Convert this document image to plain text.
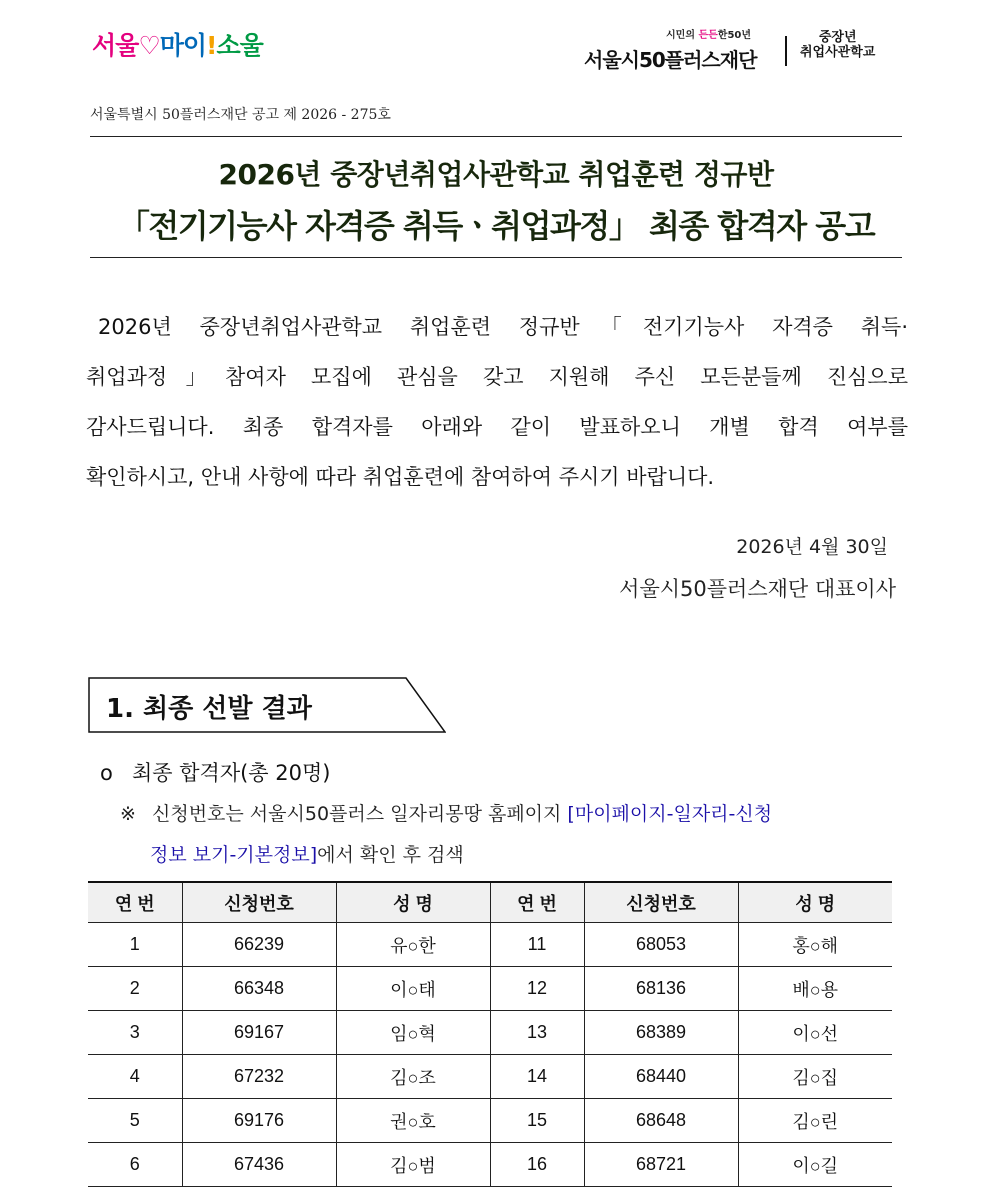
서울♡마이!소울	시민의 든든한50년
서울시50플러스재단
중장년
취업사관학교
서울특별시 50플러스재단 공고 제 2026 - 275호
2026년 중장년취업사관학교 취업훈련 정규반
「전기기능사 자격증 취득ㆍ취업과정」 최종 합격자 공고

2026년 중장년취업사관학교 취업훈련 정규반「전기기능사 자격증 취득·

취업과정」참여자 모집에 관심을 갖고 지원해 주신 모든분들께 진심으로

감사드립니다. 최종 합격자를 아래와 같이 발표하오니 개별 합격 여부를

확인하시고, 안내 사항에 따라 취업훈련에 참여하여 주시기 바랍니다.

2026년 4월 30일
서울시50플러스재단 대표이사
1. 최종 선발 결과
o 최종 합격자(총 20명)
※ 신청번호는 서울시50플러스 일자리몽땅 홈페이지 [마이페이지-일자리-신청
정보 보기-기본정보]에서 확인 후 검색
연 번	신청번호	성 명	연 번	신청번호	성 명
1	66239	유○한	11	68053	홍○해
2	66348	이○태	12	68136	배○용
3	69167	임○혁	13	68389	이○선
4	67232	김○조	14	68440	김○집
5	69176	권○호	15	68648	김○린
6	67436	김○범	16	68721	이○길
